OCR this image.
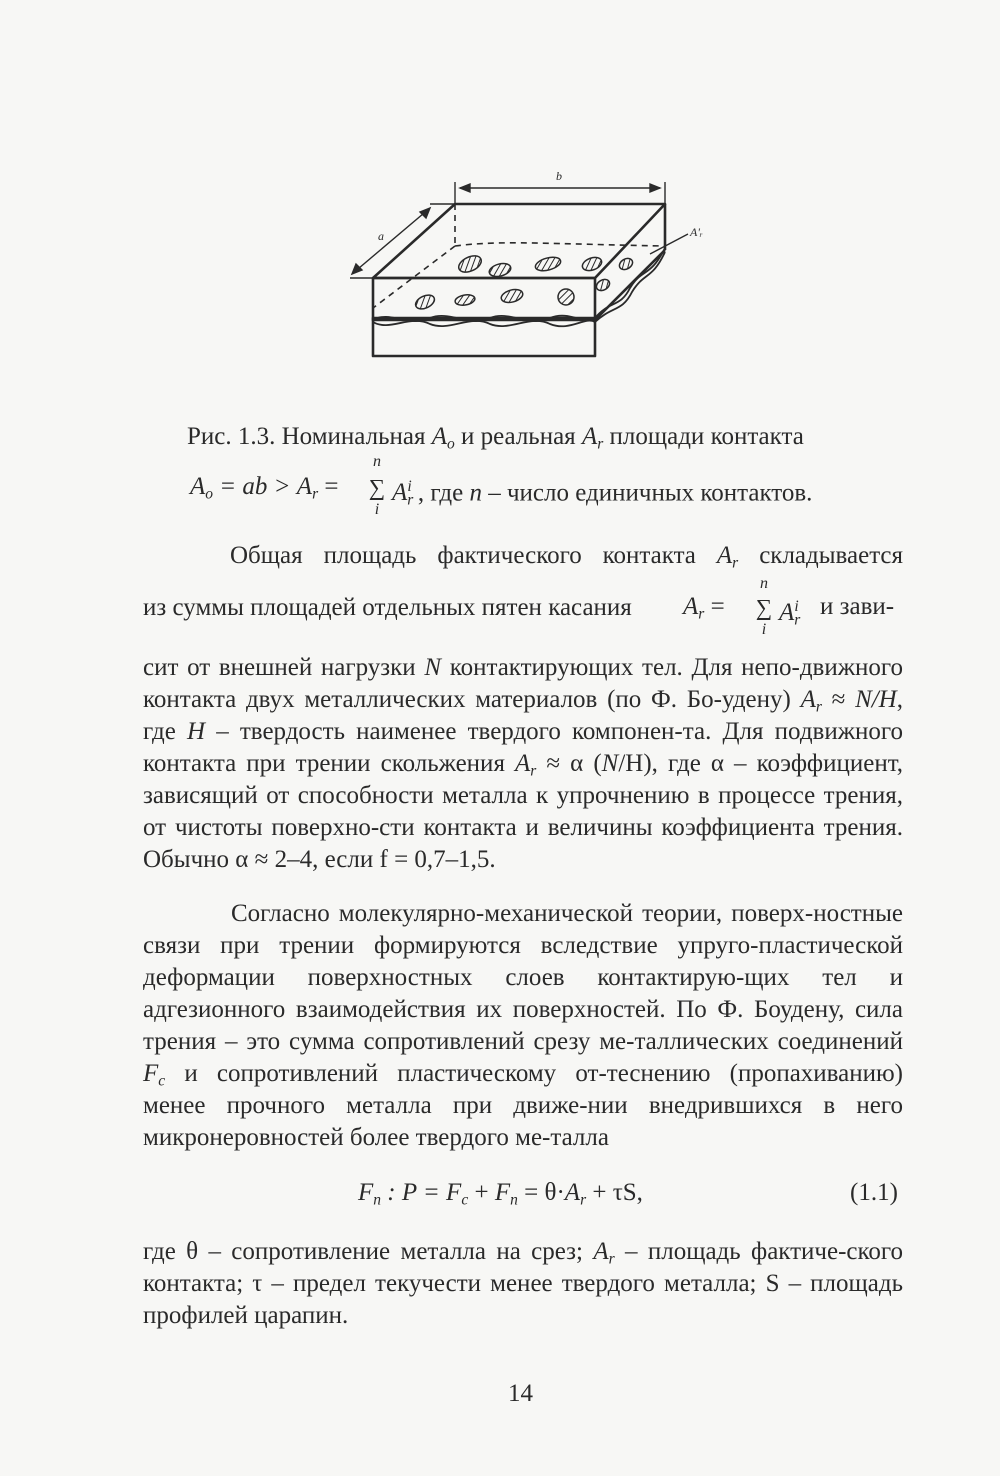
b
a	A'ᵣ
Рис. 1.3. Номинальная $A_o$ и реальная $A_r$ площади контакта
$A_o$ = ab > $A_r$ = ∑
n
i
$A_r^i$ , где n – число единичных контактов.
Общая площадь фактического контакта $A_r$ складывается
из суммы площадей отдельных пятен касания	$A_r$ = ∑
n
i
$A_r^i$ и зави-

сит от внешней нагрузки N контактирующих тел. Для непо-движного контакта двух металлических материалов (по Ф. Бо-удену) $A_r \approx N/H$, где H – твердость наименее твердого компонен-та. Для подвижного контакта при трении скольжения $A_r \approx \alpha$ (N/H), где α – коэффициент, зависящий от способности металла к упрочнению в процессе трения, от чистоты поверхно-сти контакта и величины коэффициента трения. Обычно α ≈ 2–4, если f = 0,7–1,5.

Согласно молекулярно-механической теории, поверх-ностные связи при трении формируются вследствие упруго-пластической деформации поверхностных слоев контактирую-щих тел и адгезионного взаимодействия их поверхностей. По Ф. Боудену, сила трения – это сумма сопротивлений срезу ме-таллических соединений $F_c$ и сопротивлений пластическому от-теснению (пропахиванию) менее прочного металла при движе-нии внедрившихся в него микронеровностей более твердого ме-талла

$F_n$ : $P = F_c + F_n = \theta\cdot A_r + \tau S$,	(1.1)

где θ – сопротивление металла на срез; $A_r$ – площадь фактиче-ского контакта; τ – предел текучести менее твердого металла; S – площадь профилей царапин.

14
